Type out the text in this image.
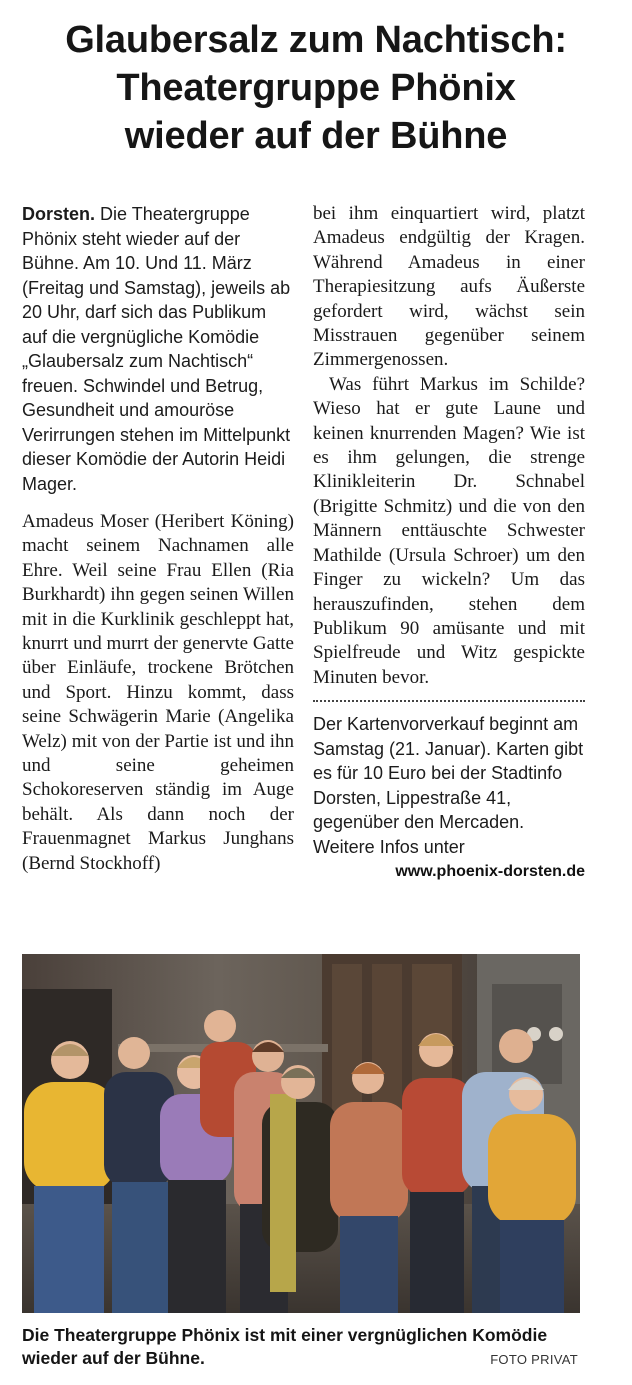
Glaubersalz zum Nachtisch:
Theatergruppe Phönix
wieder auf der Bühne

Dorsten. Die Theatergruppe Phönix steht wieder auf der Bühne. Am 10. Und 11. März (Freitag und Samstag), jeweils ab 20 Uhr, darf sich das Publikum auf die vergnügliche Komödie „Glaubersalz zum Nachtisch“ freuen. Schwindel und Betrug, Gesundheit und amouröse Verirrungen stehen im Mittelpunkt dieser Komödie der Autorin Heidi Mager.

Amadeus Moser (Heribert Köning) macht seinem Nachnamen alle Ehre. Weil seine Frau Ellen (Ria Burkhardt) ihn gegen seinen Willen mit in die Kurklinik geschleppt hat, knurrt und murrt der genervte Gatte über Einläufe, trockene Brötchen und Sport. Hinzu kommt, dass seine Schwägerin Marie (Angelika Welz) mit von der Partie ist und ihn und seine geheimen Schokoreserven ständig im Auge behält. Als dann noch der Frauenmagnet Markus Junghans (Bernd Stockhoff)

bei ihm einquartiert wird, platzt Amadeus endgültig der Kragen. Während Amadeus in einer Therapiesitzung aufs Äußerste gefordert wird, wächst sein Misstrauen gegenüber seinem Zimmergenossen.

Was führt Markus im Schilde? Wieso hat er gute Laune und keinen knurrenden Magen? Wie ist es ihm gelungen, die strenge Klinikleiterin Dr. Schnabel (Brigitte Schmitz) und die von den Männern enttäuschte Schwester Mathilde (Ursula Schroer) um den Finger zu wickeln? Um das herauszufinden, stehen dem Publikum 90 amüsante und mit Spielfreude und Witz gespickte Minuten bevor.

Der Kartenvorverkauf beginnt am Samstag (21. Januar). Karten gibt es für 10 Euro bei der Stadtinfo Dorsten, Lippestraße 41, gegenüber den Mercaden. Weitere Infos unter

www.phoenix-dorsten.de

Die Theatergruppe Phönix ist mit einer vergnüglichen Komödie wieder auf der Bühne.	FOTO PRIVAT
